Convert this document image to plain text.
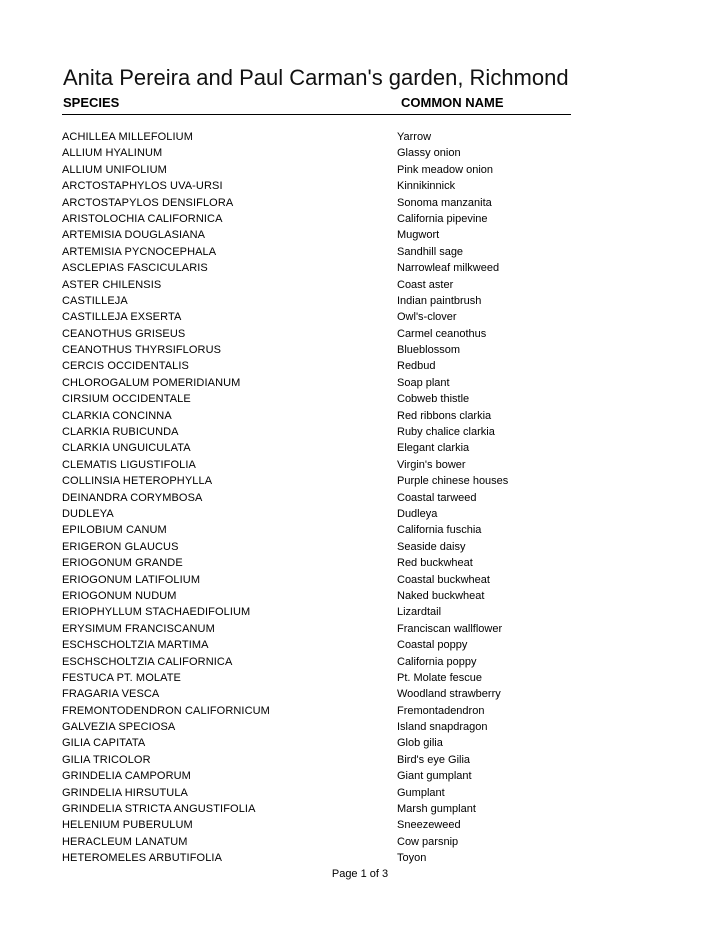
Anita Pereira and Paul Carman's garden, Richmond
SPECIES	COMMON NAME
ACHILLEA MILLEFOLIUM	Yarrow
ALLIUM HYALINUM	Glassy onion
ALLIUM UNIFOLIUM	Pink meadow onion
ARCTOSTAPHYLOS UVA-URSI	Kinnikinnick
ARCTOSTAPYLOS DENSIFLORA	Sonoma manzanita
ARISTOLOCHIA CALIFORNICA	California pipevine
ARTEMISIA DOUGLASIANA	Mugwort
ARTEMISIA PYCNOCEPHALA	Sandhill sage
ASCLEPIAS FASCICULARIS	Narrowleaf milkweed
ASTER CHILENSIS	Coast aster
CASTILLEJA	Indian paintbrush
CASTILLEJA EXSERTA	Owl's-clover
CEANOTHUS GRISEUS	Carmel ceanothus
CEANOTHUS THYRSIFLORUS	Blueblossom
CERCIS OCCIDENTALIS	Redbud
CHLOROGALUM POMERIDIANUM	Soap plant
CIRSIUM OCCIDENTALE	Cobweb thistle
CLARKIA CONCINNA	Red ribbons clarkia
CLARKIA RUBICUNDA	Ruby chalice clarkia
CLARKIA UNGUICULATA	Elegant clarkia
CLEMATIS LIGUSTIFOLIA	Virgin's bower
COLLINSIA HETEROPHYLLA	Purple chinese houses
DEINANDRA CORYMBOSA	Coastal tarweed
DUDLEYA	Dudleya
EPILOBIUM CANUM	California fuschia
ERIGERON GLAUCUS	Seaside daisy
ERIOGONUM GRANDE	Red buckwheat
ERIOGONUM LATIFOLIUM	Coastal buckwheat
ERIOGONUM NUDUM	Naked buckwheat
ERIOPHYLLUM STACHAEDIFOLIUM	Lizardtail
ERYSIMUM FRANCISCANUM	Franciscan wallflower
ESCHSCHOLTZIA MARTIMA	Coastal poppy
ESCHSCHOLTZIA CALIFORNICA	California poppy
FESTUCA PT. MOLATE	Pt. Molate fescue
FRAGARIA VESCA	Woodland strawberry
FREMONTODENDRON CALIFORNICUM	Fremontadendron
GALVEZIA SPECIOSA	Island snapdragon
GILIA CAPITATA	Glob gilia
GILIA TRICOLOR	Bird's eye Gilia
GRINDELIA CAMPORUM	Giant gumplant
GRINDELIA HIRSUTULA	Gumplant
GRINDELIA STRICTA ANGUSTIFOLIA	Marsh gumplant
HELENIUM PUBERULUM	Sneezeweed
HERACLEUM LANATUM	Cow parsnip
HETEROMELES ARBUTIFOLIA	Toyon
Page 1 of 3
